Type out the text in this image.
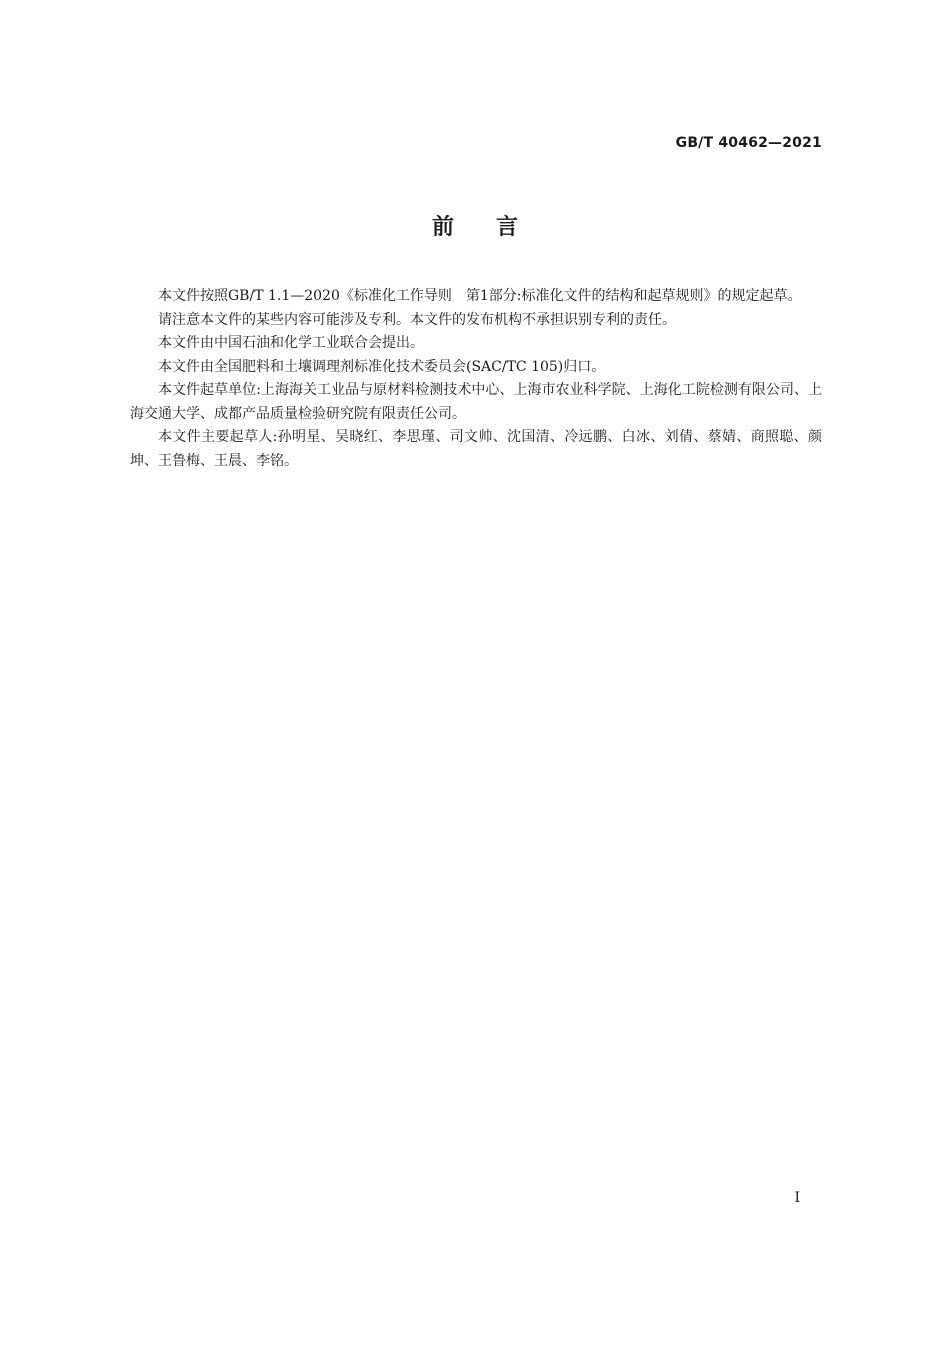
GB/T 40462—2021
前言

本文件按照GB/T 1.1—2020《标准化工作导则　第1部分:标准化文件的结构和起草规则》的规定起草。

请注意本文件的某些内容可能涉及专利。本文件的发布机构不承担识别专利的责任。

本文件由中国石油和化学工业联合会提出。

本文件由全国肥料和土壤调理剂标准化技术委员会(SAC/TC 105)归口。

本文件起草单位:上海海关工业品与原材料检测技术中心、上海市农业科学院、上海化工院检测有限公司、上海交通大学、成都产品质量检验研究院有限责任公司。

本文件主要起草人:孙明星、吴晓红、李思瑾、司文帅、沈国清、冷远鹏、白冰、刘倩、蔡婧、商照聪、颜坤、王鲁梅、王晨、李铭。

I
